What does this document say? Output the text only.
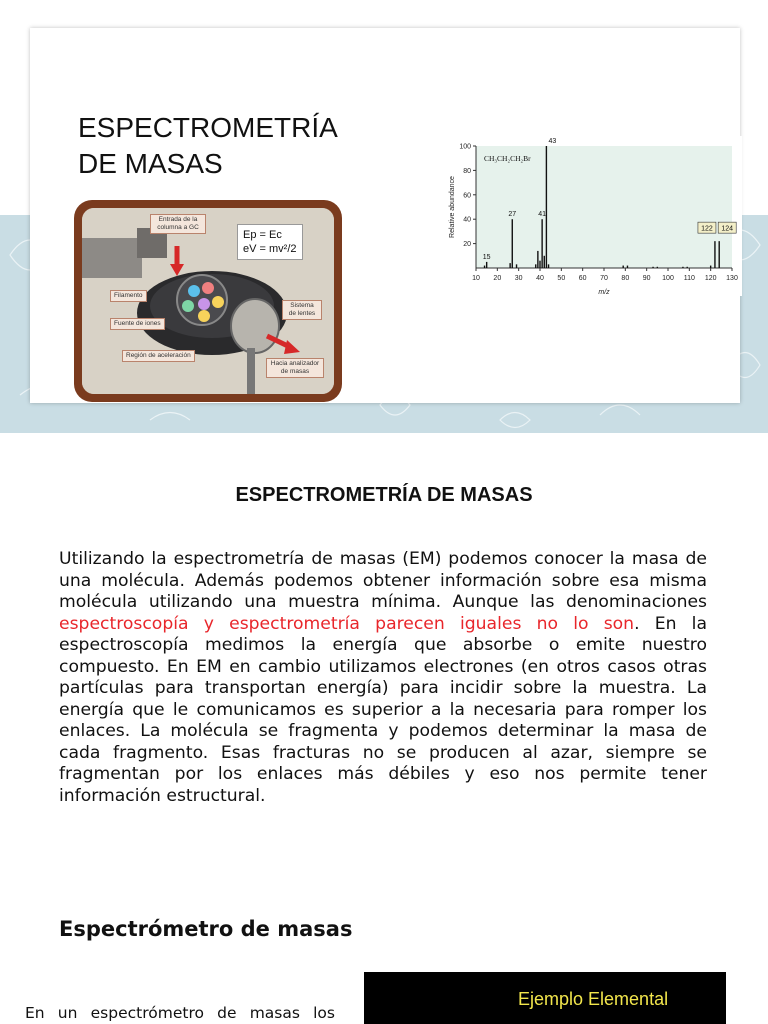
ESPECTROMETRÍA
DE MASAS
Entrada de la columna a GC
Filamento
Fuente de iones
Sistema de lentes
Región de aceleración
Hacia analizador de masas
Ep = Ec
eV = mv²/2
10 20 30 40 50 60 70 80 90 100 110 120 130
20
40
60
80
100
CH₃CH₂CH₂Br
15
27	41
43
122 124
m/z
Relative abundance
ESPECTROMETRÍA DE MASAS
Utilizando la espectrometría de masas (EM) podemos conocer la masa de una molécula. Además podemos obtener información sobre esa misma molécula utilizando una muestra mínima. Aunque las denominaciones espectroscopía y espectrometría parecen iguales no lo son. En la espectroscopía medimos la energía que absorbe o emite nuestro compuesto. En EM en cambio utilizamos electrones (en otros casos otras partículas para transportan energía) para incidir sobre la muestra. La energía que le comunicamos es superior a la necesaria para romper los enlaces. La molécula se fragmenta y podemos determinar la masa de cada fragmento. Esas fracturas no se producen al azar, siempre se fragmentan por los enlaces más débiles y eso nos permite tener información estructural.
Espectrómetro de masas
En un espectrómetro de masas los
Ejemplo Elemental
